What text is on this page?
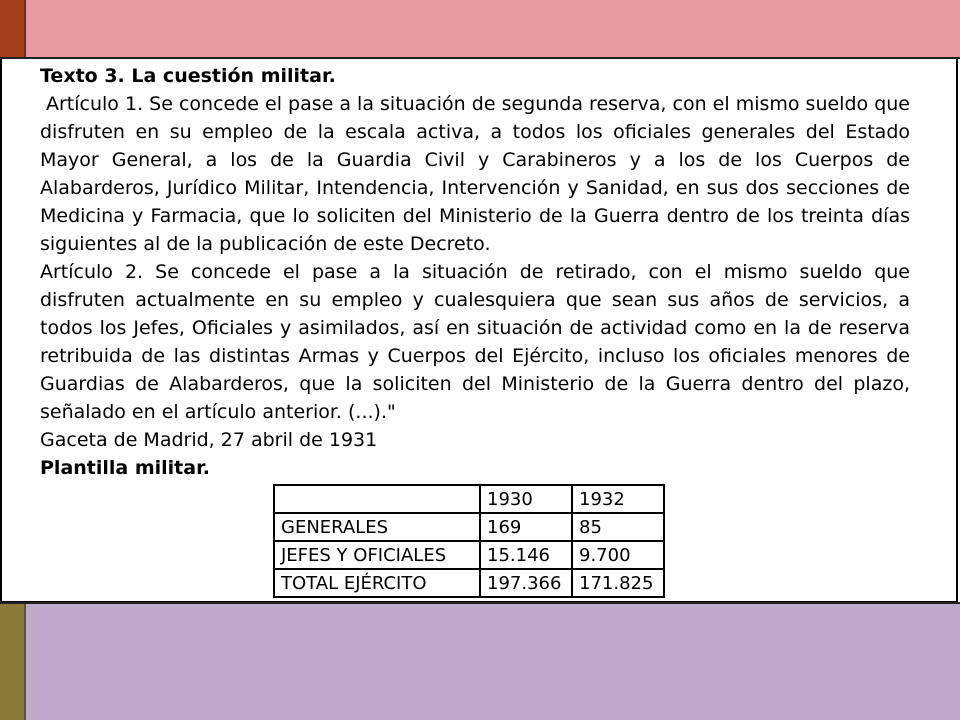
Texto 3. La cuestión militar.

Artículo 1. Se concede el pase a la situación de segunda reserva, con el mismo sueldo que disfruten en su empleo de la escala activa, a todos los oficiales generales del Estado Mayor General, a los de la Guardia Civil y Carabineros y a los de los Cuerpos de Alabarderos, Jurídico Militar, Intendencia, Intervención y Sanidad, en sus dos secciones de Medicina y Farmacia, que lo soliciten del Ministerio de la Guerra dentro de los treinta días siguientes al de la publicación de este Decreto.

Artículo 2. Se concede el pase a la situación de retirado, con el mismo sueldo que disfruten actualmente en su empleo y cualesquiera que sean sus años de servicios, a todos los Jefes, Oficiales y asimilados, así en situación de actividad como en la de reserva retribuida de las distintas Armas y Cuerpos del Ejército, incluso los oficiales menores de Guardias de Alabarderos, que la soliciten del Ministerio de la Guerra dentro del plazo, señalado en el artículo anterior. (...)."

Gaceta de Madrid, 27 abril de 1931

Plantilla militar.

	1930	1932
GENERALES	169	85
JEFES Y OFICIALES	15.146	9.700
TOTAL EJÉRCITO	197.366	171.825
